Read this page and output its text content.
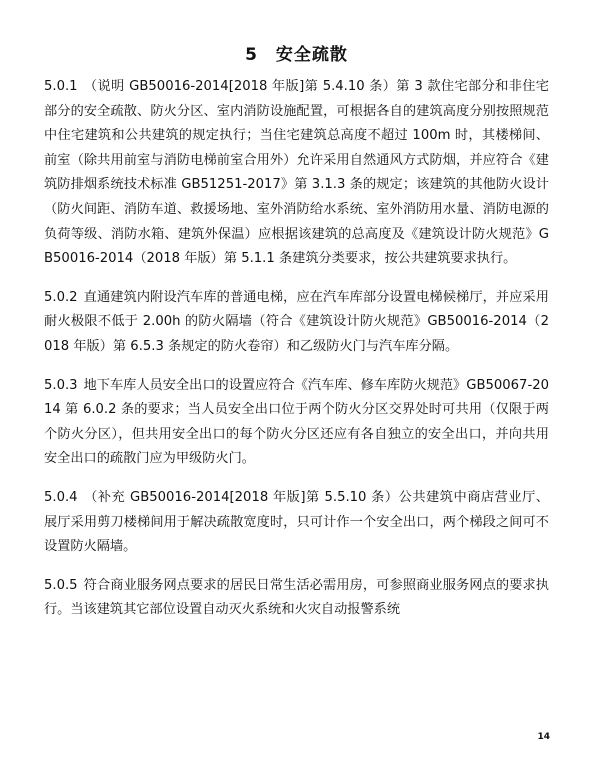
5 安全疏散

5.0.1 （说明 GB50016-2014[2018 年版]第 5.4.10 条）第 3 款住宅部分和非住宅部分的安全疏散、防火分区、室内消防设施配置，可根据各自的建筑高度分别按照规范中住宅建筑和公共建筑的规定执行；当住宅建筑总高度不超过 100m 时，其楼梯间、前室（除共用前室与消防电梯前室合用外）允许采用自然通风方式防烟，并应符合《建筑防排烟系统技术标准 GB51251-2017》第 3.1.3 条的规定；该建筑的其他防火设计（防火间距、消防车道、救援场地、室外消防给水系统、室外消防用水量、消防电源的负荷等级、消防水箱、建筑外保温）应根据该建筑的总高度及《建筑设计防火规范》GB50016-2014（2018 年版）第 5.1.1 条建筑分类要求，按公共建筑要求执行。

5.0.2 直通建筑内附设汽车库的普通电梯，应在汽车库部分设置电梯候梯厅，并应采用耐火极限不低于 2.00h 的防火隔墙（符合《建筑设计防火规范》GB50016-2014（2018 年版）第 6.5.3 条规定的防火卷帘）和乙级防火门与汽车库分隔。

5.0.3 地下车库人员安全出口的设置应符合《汽车库、修车库防火规范》GB50067-2014 第 6.0.2 条的要求；当人员安全出口位于两个防火分区交界处时可共用（仅限于两个防火分区），但共用安全出口的每个防火分区还应有各自独立的安全出口，并向共用安全出口的疏散门应为甲级防火门。

5.0.4 （补充 GB50016-2014[2018 年版]第 5.5.10 条）公共建筑中商店营业厅、展厅采用剪刀楼梯间用于解决疏散宽度时，只可计作一个安全出口，两个梯段之间可不设置防火隔墙。

5.0.5 符合商业服务网点要求的居民日常生活必需用房，可参照商业服务网点的要求执行。当该建筑其它部位设置自动灭火系统和火灾自动报警系统

14
